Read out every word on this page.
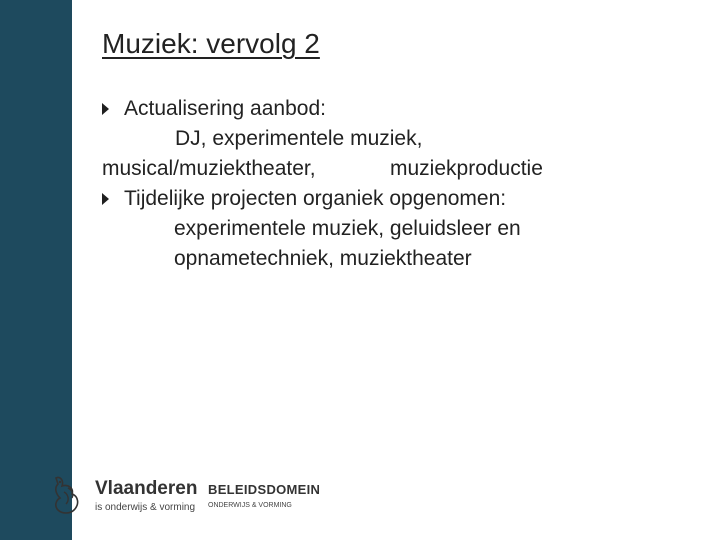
Muziek: vervolg 2
Actualisering aanbod:
DJ, experimentele muziek,
musical/muziektheater,	muziekproductie
Tijdelijke projecten organiek opgenomen:
experimentele muziek, geluidsleer en
opnametechniek, muziektheater
Vlaanderen
is onderwijs & vorming
BELEIDSDOMEIN
ONDERWIJS & VORMING
